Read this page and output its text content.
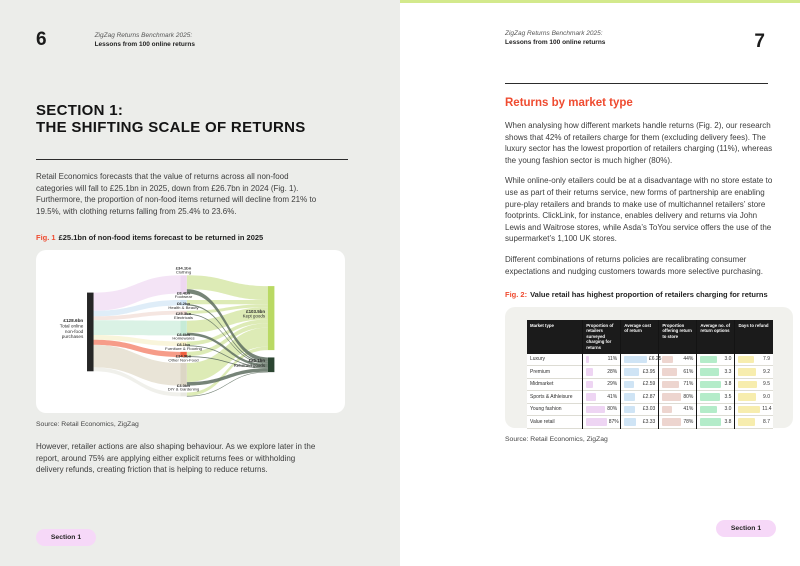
6	ZigZag Returns Benchmark 2025:
Lessons from 100 online returns
SECTION 1:
THE SHIFTING SCALE OF RETURNS

Retail Economics forecasts that the value of returns across all non-food categories will fall to £25.1bn in 2025, down from £26.7bn in 2024 (Fig. 1). Furthermore, the proportion of non-food items returned will decline from 21% to 19.5%, with clothing returns falling from 25.4% to 23.6%.

Fig. 1 £25.1bn of non-food items forecast to be returned in 2025

£128.6bn
Total online
non-food
purchases
£34.1bn
Clothing
£8.4bn
Footwear
£6.2bn
Health & Beauty
£25.3bn
Electricals
£8.6bn
Homewares
£8.1bn
Furniture & Flooring
£34.9bn
Other Non-Food
£3.0bn
DIY & Gardening
£103.5bn
Kept goods
£25.1bn
Returned goods

Source: Retail Economics, ZigZag

However, retailer actions are also shaping behaviour. As we explore later in the report, around 75% are applying either explicit returns fees or withholding delivery refunds, creating friction that is helping to reduce returns.

Section 1
ZigZag Returns Benchmark 2025:
Lessons from 100 online returns	7
Returns by market type

When analysing how different markets handle returns (Fig. 2), our research shows that 42% of retailers charge for them (excluding delivery fees). The luxury sector has the lowest proportion of retailers charging (11%), whereas the young fashion sector is much higher (80%).

While online-only etailers could be at a disadvantage with no store estate to use as part of their returns service, new forms of partnership are enabling pure-play retailers and brands to make use of multichannel retailers’ store footprints. ClickLink, for instance, enables delivery and returns via John Lewis and Waitrose stores, while Asda’s ToYou service offers the use of the supermarket’s 1,100 UK stores.

Different combinations of returns policies are recalibrating consumer expectations and nudging customers towards more selective purchasing.

Fig. 2: Value retail has highest proportion of retailers charging for returns

Market type	Proportion of retailers surveyed charging for returns	Average cost of return	Proportion offering return to store	Average no. of return options	Days to refund
Luxury	11%	£6.25	44%	3.0	7.9

Premium	28%	£3.95	61%	3.3	9.2

Midmarket	29%	£2.59	71%	3.8	9.5

Sports & Athleisure	41%	£2.87	80%	3.5	9.0

Young fashion	80%	£3.03	41%	3.0	11.4

Value retail	87%	£3.33	78%	3.8	8.7

Source: Retail Economics, ZigZag

Section 1
